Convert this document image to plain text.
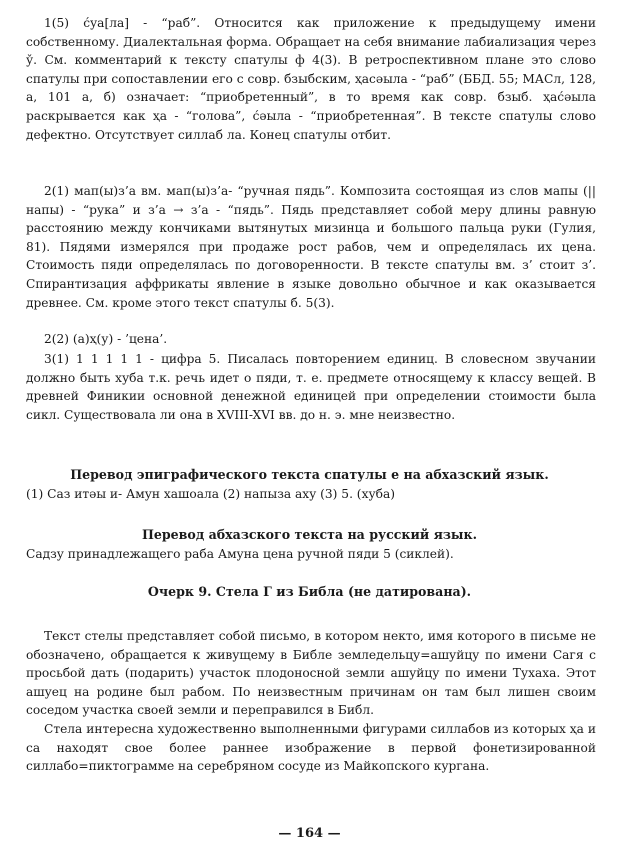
1(5) ćуа[ла] - “раб”. Относится как приложение к предыдущему имени собственному. Диалектальная форма. Обращает на себя внимание лабиализация через у̌. См. комментарий к тексту спатулы ф 4(3). В ретроспективном плане это слово спатулы при сопоставлении его с совр. бзыбским, ҳасәыла - “раб” (ББД. 55; МАСл, 128, а, 101 а, б) означает: “приобретенный”, в то время как совр. бзыб. ҳаćәыла раскрывается как ҳа - “голова”, ćәыла - “приобретенная”. В тексте спатулы слово дефектно. Отсутствует силлаб ла. Конец спатулы отбит.

2(1) мап(ы)з’а вм. мап(ы)з’а- “ручная пядь”. Композита состоящая из слов мапы (||напы) - “рука” и з’а → з’а - “пядь”. Пядь представляет собой меру длины равную расстоянию между кончиками вытянутых мизинца и большого пальца руки (Гулия, 81). Пядями измерялся при продаже рост рабов, чем и определялась их цена. Стоимость пяди определялась по договоренности. В тексте спатулы вм. з’ стоит з’. Спирантизация аффрикаты явление в языке довольно обычное и как оказывается древнее. См. кроме этого текст спатулы б. 5(3).

2(2) (а)ҳ(у) - ’цена’.

3(1) 1 1 1 1 1 - цифра 5. Писалась повторением единиц. В словесном звучании должно быть хуба т.к. речь идет о пяди, т. е. предмете относящему к классу вещей. В древней Финикии основной денежной единицей при определении стоимости была сикл. Существовала ли она в XVIII-XVI вв. до н. э. мне неизвестно.

Перевод эпиграфического текста спатулы е на абхазский язык.

(1) Саз итәы и- Амун хашоала (2) напыза аху (3) 5. (хуба)

Перевод абхазского текста на русский язык.

Садзу принадлежащего раба Амуна цена ручной пяди 5 (сиклей).

Очерк 9. Стела Г из Библа (не датирована).

Текст стелы представляет собой письмо, в котором некто, имя которого в письме не обозначено, обращается к живущему в Библе земледельцу=ашуйцу по имени Сагя с просьбой дать (подарить) участок плодоносной земли ашуйцу по имени Тухаха. Этот ашуец на родине был рабом. По неизвестным причинам он там был лишен своим соседом участка своей земли и переправился в Библ.

Стела интересна художественно выполненными фигурами силлабов из которых ҳа и са находят свое более раннее изображение в первой фонетизированной силлабо=пиктограмме на серебряном сосуде из Майкопского кургана.

— 164 —
